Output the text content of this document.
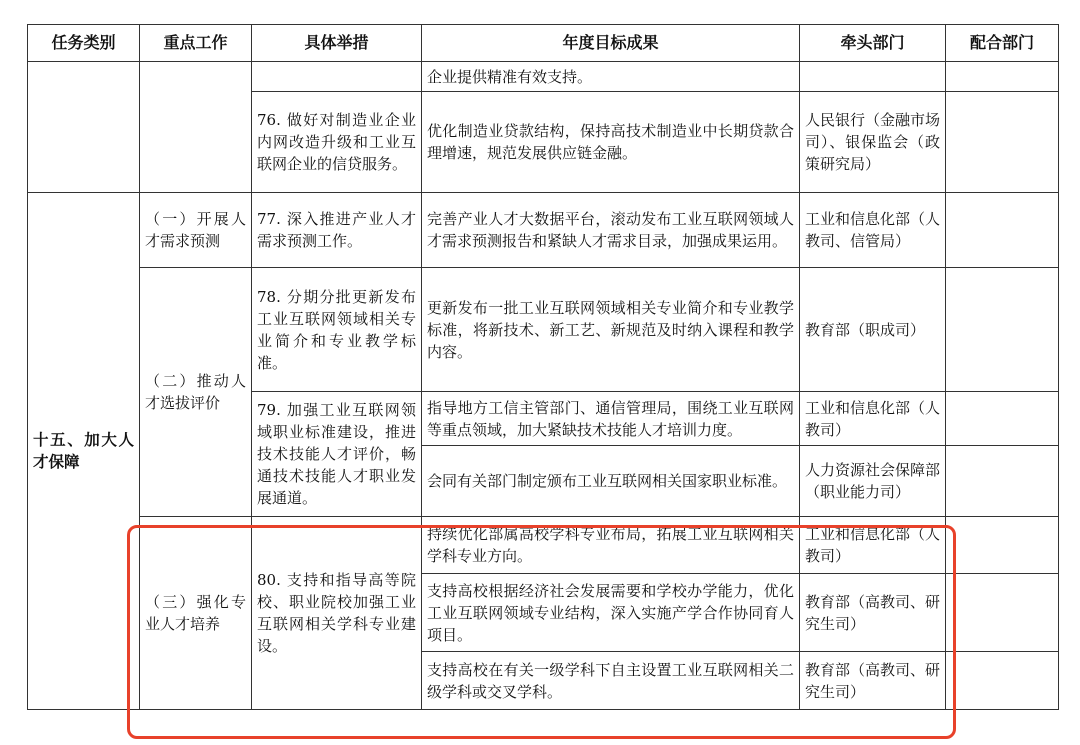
任务类别	重点工作	具体举措	年度目标成果	牵头部门	配合部门
			企业提供精准有效支持。		
		76. 做好对制造业企业内网改造升级和工业互联网企业的信贷服务。	优化制造业贷款结构，保持高技术制造业中长期贷款合理增速，规范发展供应链金融。	人民银行（金融市场司）、银保监会（政策研究局）	
十五、加大人才保障	（一）开展人才需求预测	77. 深入推进产业人才需求预测工作。	完善产业人才大数据平台，滚动发布工业互联网领域人才需求预测报告和紧缺人才需求目录，加强成果运用。	工业和信息化部（人教司、信管局）	
	（二）推动人才选拔评价	78. 分期分批更新发布工业互联网领域相关专业简介和专业教学标准。	更新发布一批工业互联网领域相关专业简介和专业教学标准，将新技术、新工艺、新规范及时纳入课程和教学内容。	教育部（职成司）	
		79. 加强工业互联网领域职业标准建设，推进技术技能人才评价，畅通技术技能人才职业发展通道。	指导地方工信主管部门、通信管理局，围绕工业互联网等重点领域，加大紧缺技术技能人才培训力度。	工业和信息化部（人教司）	
			会同有关部门制定颁布工业互联网相关国家职业标准。	人力资源社会保障部（职业能力司）	
	（三）强化专业人才培养	80. 支持和指导高等院校、职业院校加强工业互联网相关学科专业建设。	持续优化部属高校学科专业布局，拓展工业互联网相关学科专业方向。	工业和信息化部（人教司）	
			支持高校根据经济社会发展需要和学校办学能力，优化工业互联网领域专业结构，深入实施产学合作协同育人项目。	教育部（高教司、研究生司）	
			支持高校在有关一级学科下自主设置工业互联网相关二级学科或交叉学科。	教育部（高教司、研究生司）	
